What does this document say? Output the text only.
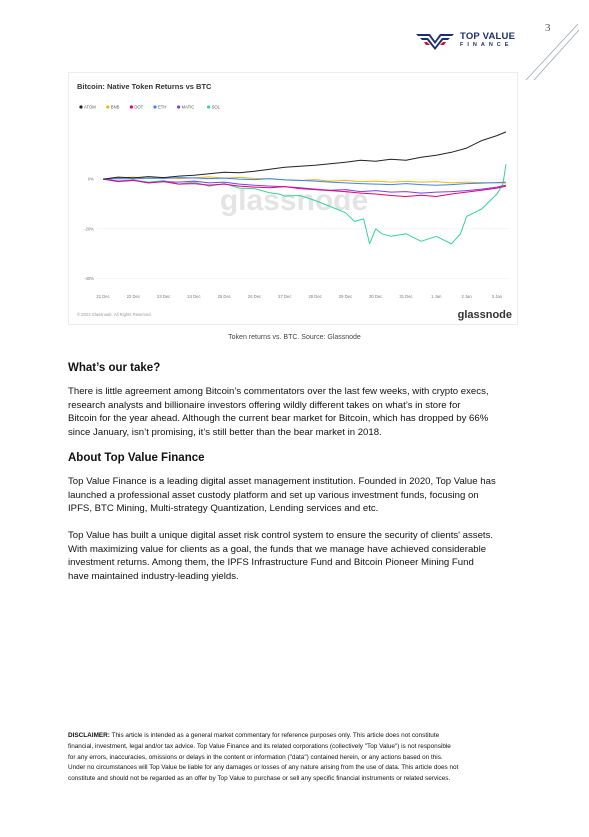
3
TOP VALUE
FINANCE
glassnode
0%
-20%
-40%
21 Dec	22 Dec	23 Dec	24 Dec	25 Dec	26 Dec	27 Dec	28 Dec	29 Dec	30 Dec	31 Dec	1 Jan	2 Jan	3 Jan
ATOM	BNB	DOT	ETH	MATIC	SOL
© 2023 Glassnode. All Rights Reserved.	glassnode
Bitcoin: Native Token Returns vs BTC
Token returns vs. BTC. Source: Glassnode
What’s our take?
There is little agreement among Bitcoin’s commentators over the last few weeks, with crypto execs,
research analysts and billionaire investors offering wildly different takes on what’s in store for
Bitcoin for the year ahead. Although the current bear market for Bitcoin, which has dropped by 66%
since January, isn’t promising, it’s still better than the bear market in 2018.
About Top Value Finance
Top Value Finance is a leading digital asset management institution. Founded in 2020, Top Value has
launched a professional asset custody platform and set up various investment funds, focusing on
IPFS, BTC Mining, Multi-strategy Quantization, Lending services and etc.
Top Value has built a unique digital asset risk control system to ensure the security of clients' assets.
With maximizing value for clients as a goal, the funds that we manage have achieved considerable
investment returns. Among them, the IPFS Infrastructure Fund and Bitcoin Pioneer Mining Fund
have maintained industry-leading yields.
DISCLAIMER: This article is intended as a general market commentary for reference purposes only. This article does not constitute
financial, investment, legal and/or tax advice. Top Value Finance and its related corporations (collectively "Top Value") is not responsible
for any errors, inaccuracies, omissions or delays in the content or information ("data") contained herein, or any actions based on this.
Under no circumstances will Top Value be liable for any damages or losses of any nature arising from the use of data. This article does not
constitute and should not be regarded as an offer by Top Value to purchase or sell any specific financial instruments or related services.
